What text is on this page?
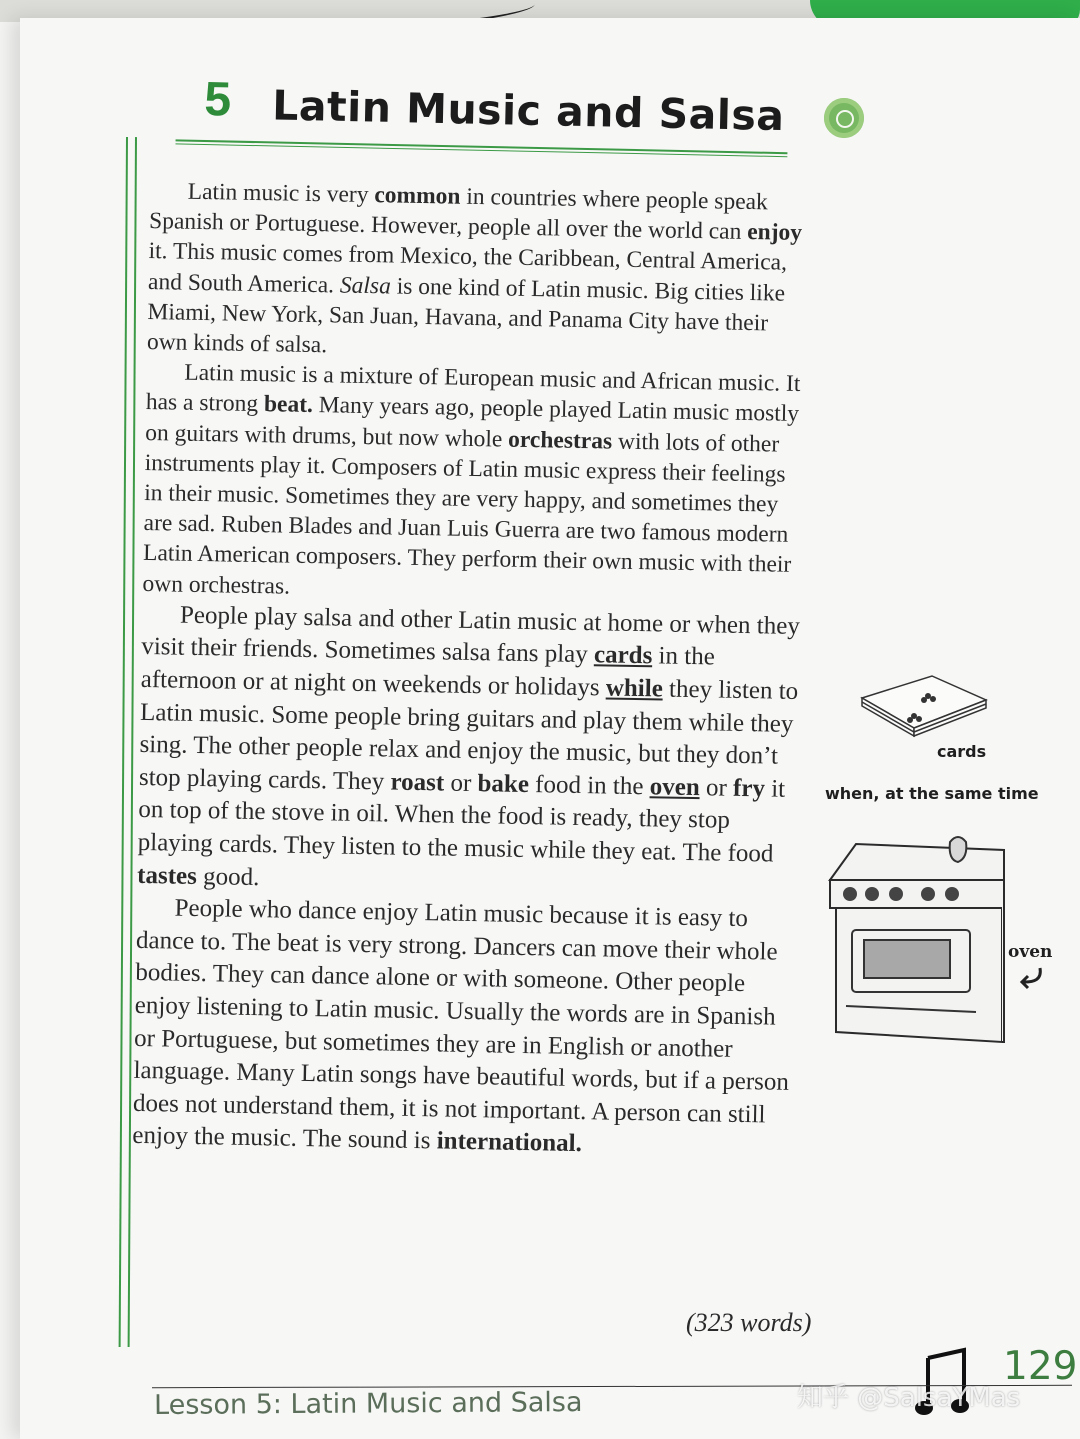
5 Latin Music and Salsa

Latin music is very common in countries where people speak Spanish or Portuguese. However, people all over the world can enjoy it. This music comes from Mexico, the Caribbean, Central America, and South America. Salsa is one kind of Latin music. Big cities like Miami, New York, San Juan, Havana, and Panama City have their own kinds of salsa.

Latin music is a mixture of European music and African music. It has a strong beat. Many years ago, people played Latin music mostly on guitars with drums, but now whole orchestras with lots of other instruments play it. Composers of Latin music express their feelings in their music. Sometimes they are very happy, and sometimes they are sad. Ruben Blades and Juan Luis Guerra are two famous modern Latin American composers. They perform their own music with their own orchestras.

People play salsa and other Latin music at home or when they visit their friends. Sometimes salsa fans play cards in the afternoon or at night on weekends or holidays while they listen to Latin music. Some people bring guitars and play them while they sing. The other people relax and enjoy the music, but they don’t stop playing cards. They roast or bake food in the oven or fry it on top of the stove in oil. When the food is ready, they stop playing cards. They listen to the music while they eat. The food tastes good.

People who dance enjoy Latin music because it is easy to dance to. The beat is very strong. Dancers can move their whole bodies. They can dance alone or with someone. Other people enjoy listening to Latin music. Usually the words are in Spanish or Portuguese, but sometimes they are in English or another language. Many Latin songs have beautiful words, but if a person does not understand them, it is not important. A person can still enjoy the music. The sound is international.

(323 words)
cards
when, at the same time
oven
129
Lesson 5: Latin Music and Salsa	知乎 @SalsaYMas
